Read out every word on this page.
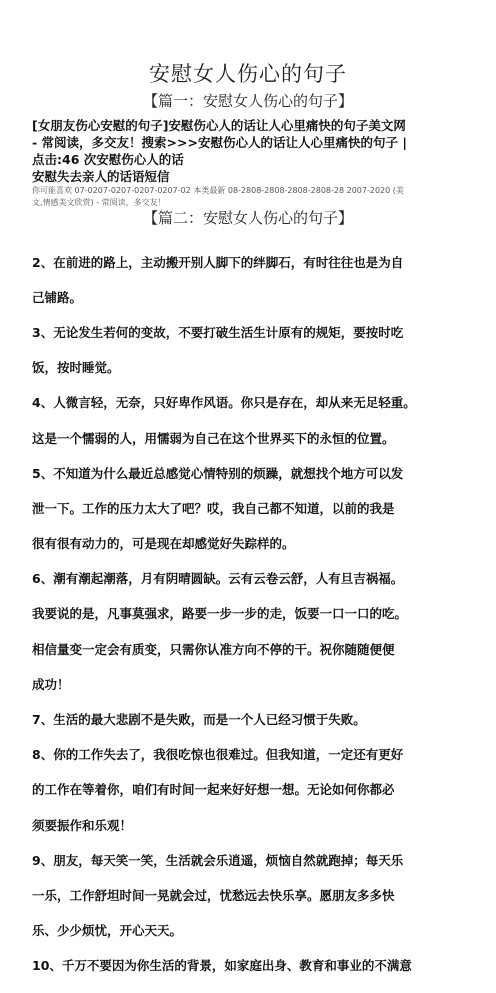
安慰女人伤心的句子
【篇一：安慰女人伤心的句子】
[女朋友伤心安慰的句子]安慰伤心人的话让人心里痛快的句子美文网
- 常阅读，多交友！搜索>>>安慰伤心人的话让人心里痛快的句子 |
点击:46 次安慰伤心人的话
安慰失去亲人的话语短信
你可能喜欢 07-0207-0207-0207-0207-02 本类最新 08-2808-2808-2808-2808-28 2007-2020 (美
文,情感美文欣赏) - 常阅读，多交友！
【篇二：安慰女人伤心的句子】

2、在前进的路上，主动搬开别人脚下的绊脚石，有时往往也是为自

己铺路。

3、无论发生若何的变故，不要打破生活生计原有的规矩，要按时吃

饭，按时睡觉。

4、人微言轻，无奈，只好卑作风语。你只是存在，却从来无足轻重。

这是一个懦弱的人，用懦弱为自己在这个世界买下的永恒的位置。

5、不知道为什么最近总感觉心情特别的烦躁，就想找个地方可以发

泄一下。工作的压力太大了吧？哎，我自己都不知道，以前的我是

很有很有动力的，可是现在却感觉好失踪样的。

6、潮有潮起潮落，月有阴晴圆缺。云有云卷云舒，人有旦吉祸福。

我要说的是，凡事莫强求，路要一步一步的走，饭要一口一口的吃。

相信量变一定会有质变，只需你认准方向不停的干。祝你随随便便

成功！

7、生活的最大悲剧不是失败，而是一个人已经习惯于失败。

8、你的工作失去了，我很吃惊也很难过。但我知道，一定还有更好

的工作在等着你，咱们有时间一起来好好想一想。无论如何你都必

须要振作和乐观！

9、朋友，每天笑一笑，生活就会乐逍遥，烦恼自然就跑掉；每天乐

一乐，工作舒坦时间一晃就会过，忧愁远去快乐享。愿朋友多多快

乐、少少烦忧，开心天天。

10、千万不要因为你生活的背景，如家庭出身、教育和事业的不满意
